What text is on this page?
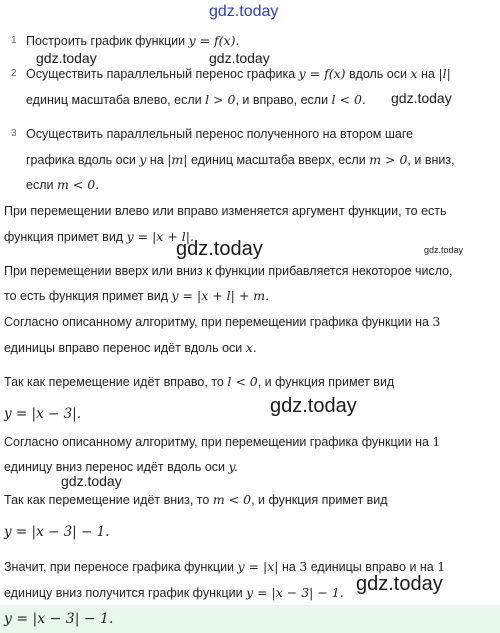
gdz.today
gdz.today	gdz.today
gdz.today
gdz.today
gdz.today
gdz.today
gdz.today
gdz.today
1 Построить график функции y = f(x).
2 Осуществить параллельный перенос графика y = f(x) вдоль оси x на |l|
единиц масштаба влево, если l > 0, и вправо, если l < 0.
3 Осуществить параллельный перенос полученного на втором шаге
графика вдоль оси y на |m| единиц масштаба вверх, если m > 0, и вниз,
если m < 0.
При перемещении влево или вправо изменяется аргумент функции, то есть
функция примет вид y = |x + l|.
При перемещении вверх или вниз к функции прибавляется некоторое число,
то есть функция примет вид y = |x + l| + m.
Согласно описанному алгоритму, при перемещении графика функции на 3
единицы вправо перенос идёт вдоль оси x.
Так как перемещение идёт вправо, то l < 0, и функция примет вид
y = |x − 3|.
Согласно описанному алгоритму, при перемещении графика функции на 1
единицу вниз перенос идёт вдоль оси y.
Так как перемещение идёт вниз, то m < 0, и функция примет вид
y = |x − 3| − 1.
Значит, при переносе графика функции y = |x| на 3 единицы вправо и на 1
единицу вниз получится график функции y = |x − 3| − 1.
y = |x − 3| − 1.
